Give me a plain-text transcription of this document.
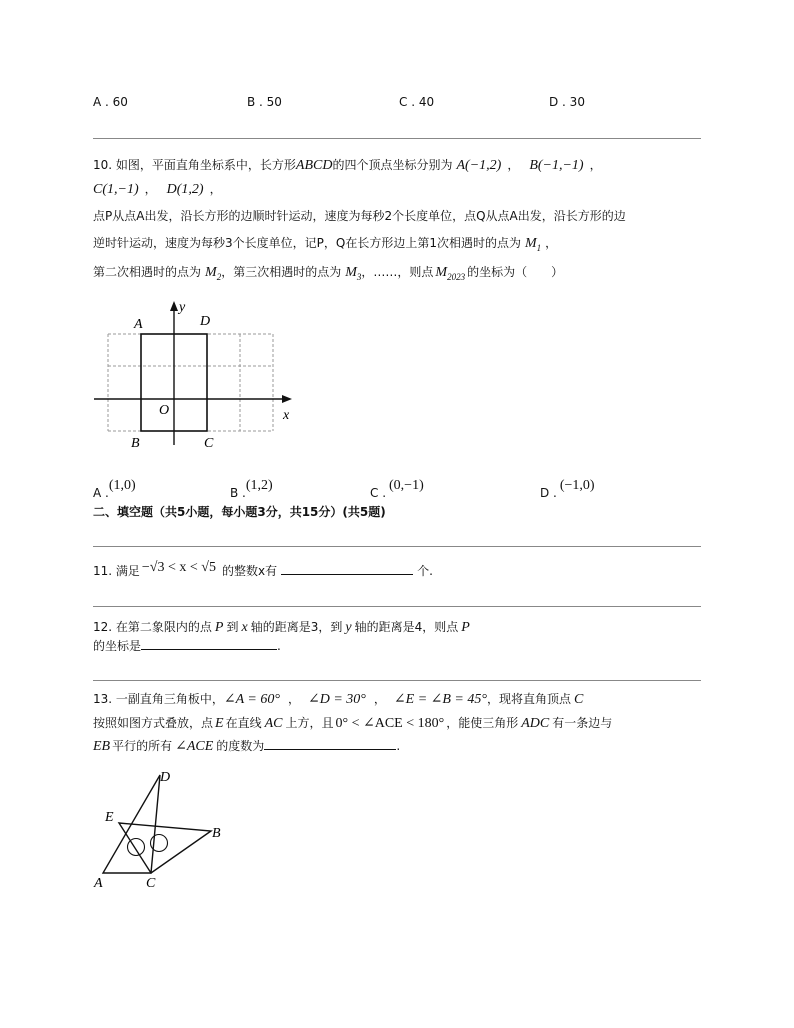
A . 60	B . 50	C . 40	D . 30
10. 如图，平面直角坐标系中，长方形ABCD的四个顶点坐标分别为 A(−1,2) ， B(−1,−1) ，
C(1,−1) ， D(1,2) ，
点P从点A出发，沿长方形的边顺时针运动，速度为每秒2个长度单位，点Q从点A出发，沿长方形的边
逆时针运动，速度为每秒3个长度单位，记P，Q在长方形边上第1次相遇时的点为 $M_1$ ，
第二次相遇时的点为 $M_2$，第三次相遇时的点为 $M_3$，……，则点 $M_{2023}$ 的坐标为（　　）
A	D
B	C
O	x
y
A .(1,0)	B .(1,2)	C . (0,−1)	D . (−1,0)
二、填空题（共5小题，每小题3分，共15分）(共5题)
11. 满足 −√3 < x < √5 的整数x有	个.
12. 在第二象限内的点 P 到 x 轴的距离是3，到 y 轴的距离是4，则点 P
的坐标是	.
13. 一副直角三角板中，∠A = 60° ， ∠D = 30° ， ∠E = ∠B = 45°，现将直角顶点 C
按照如图方式叠放，点 E 在直线 AC 上方，且 0° < ∠ACE < 180° ，能使三角形 ADC 有一条边与
EB 平行的所有 ∠ACE 的度数为	.
D
E
B
A	C
